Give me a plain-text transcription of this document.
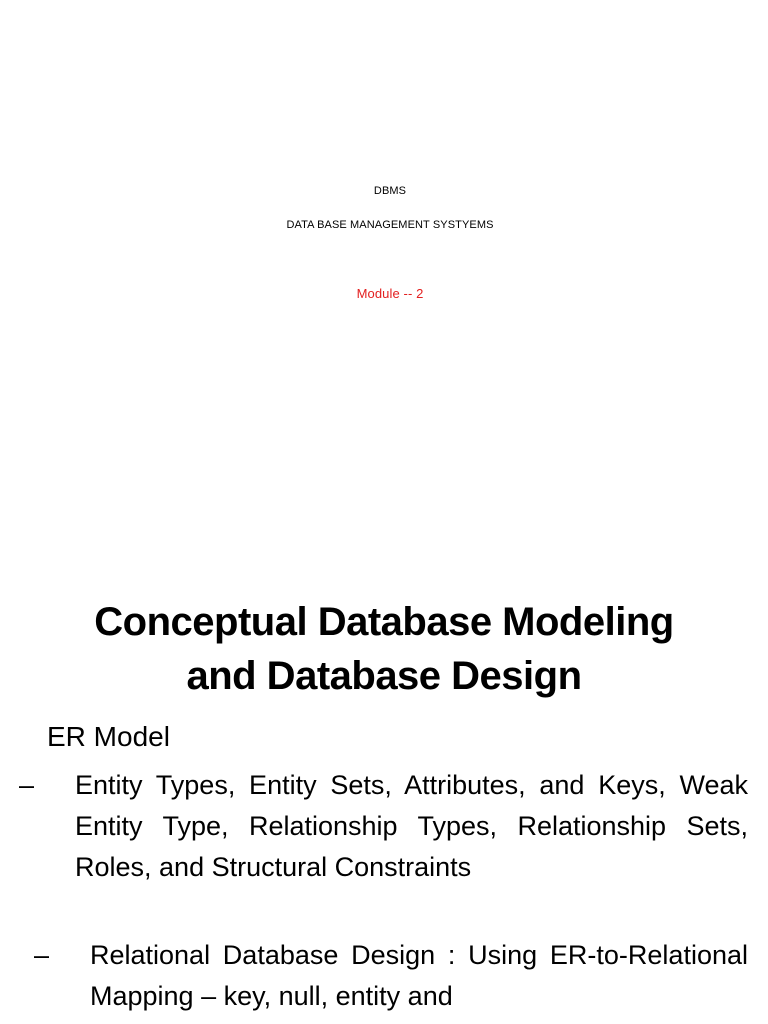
DBMS
DATA BASE MANAGEMENT SYSTYEMS
Module -- 2
Conceptual Database Modeling
and Database Design
ER Model
– Entity Types, Entity Sets, Attributes, and Keys, Weak Entity Type, Relationship Types, Relationship Sets, Roles, and Structural Constraints
– Relational Database Design : Using ER-to-Relational Mapping – key, null, entity and
